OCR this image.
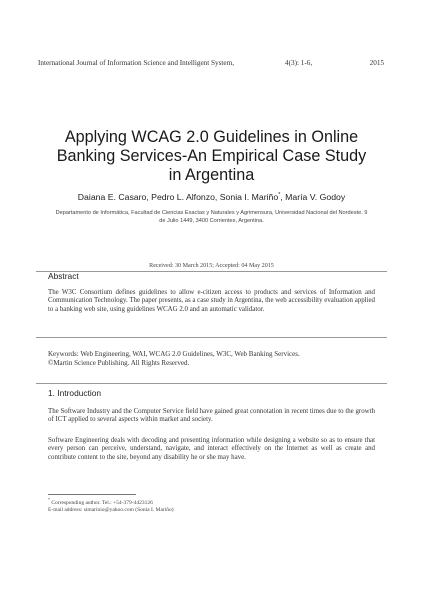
International Journal of Information Science and Intelligent System,	4(3): 1-6,	2015
Applying WCAG 2.0 Guidelines in Online Banking Services-An Empirical Case Study in Argentina
Daiana E. Casaro, Pedro L. Alfonzo, Sonia I. Mariño*, María V. Godoy
Departamento de Informática, Facultad de Ciencias Exactas y Naturales y Agrimensura, Universidad Nacional del Nordeste. 9 de Julio 1449, 3400 Corrientes, Argentina.
Received: 30 March 2015; Accepted: 04 May 2015
Abstract
The W3C Consortium defines guidelines to allow e-citizen access to products and services of Information and Communication Technology. The paper presents, as a case study in Argentina, the web accessibility evaluation applied to a banking web site, using guidelines WCAG 2.0 and an automatic validator.
Keywords: Web Engineering, WAI, WCAG 2.0 Guidelines, W3C, Web Banking Services.
©Martin Science Publishing. All Rights Reserved.
1. Introduction
The Software Industry and the Computer Service field have gained great connotation in recent times due to the growth of ICT applied to several aspects within market and society.
Software Engineering deals with decoding and presenting information while designing a website so as to ensure that every person can perceive, understand, navigate, and interact effectively on the Internet as well as create and contribute content to the site, beyond any disability he or she may have.
* Corresponding author. Tel.: +54-379-4423126
E-mail address: simarinio@yahoo.com (Sonia I. Mariño)
